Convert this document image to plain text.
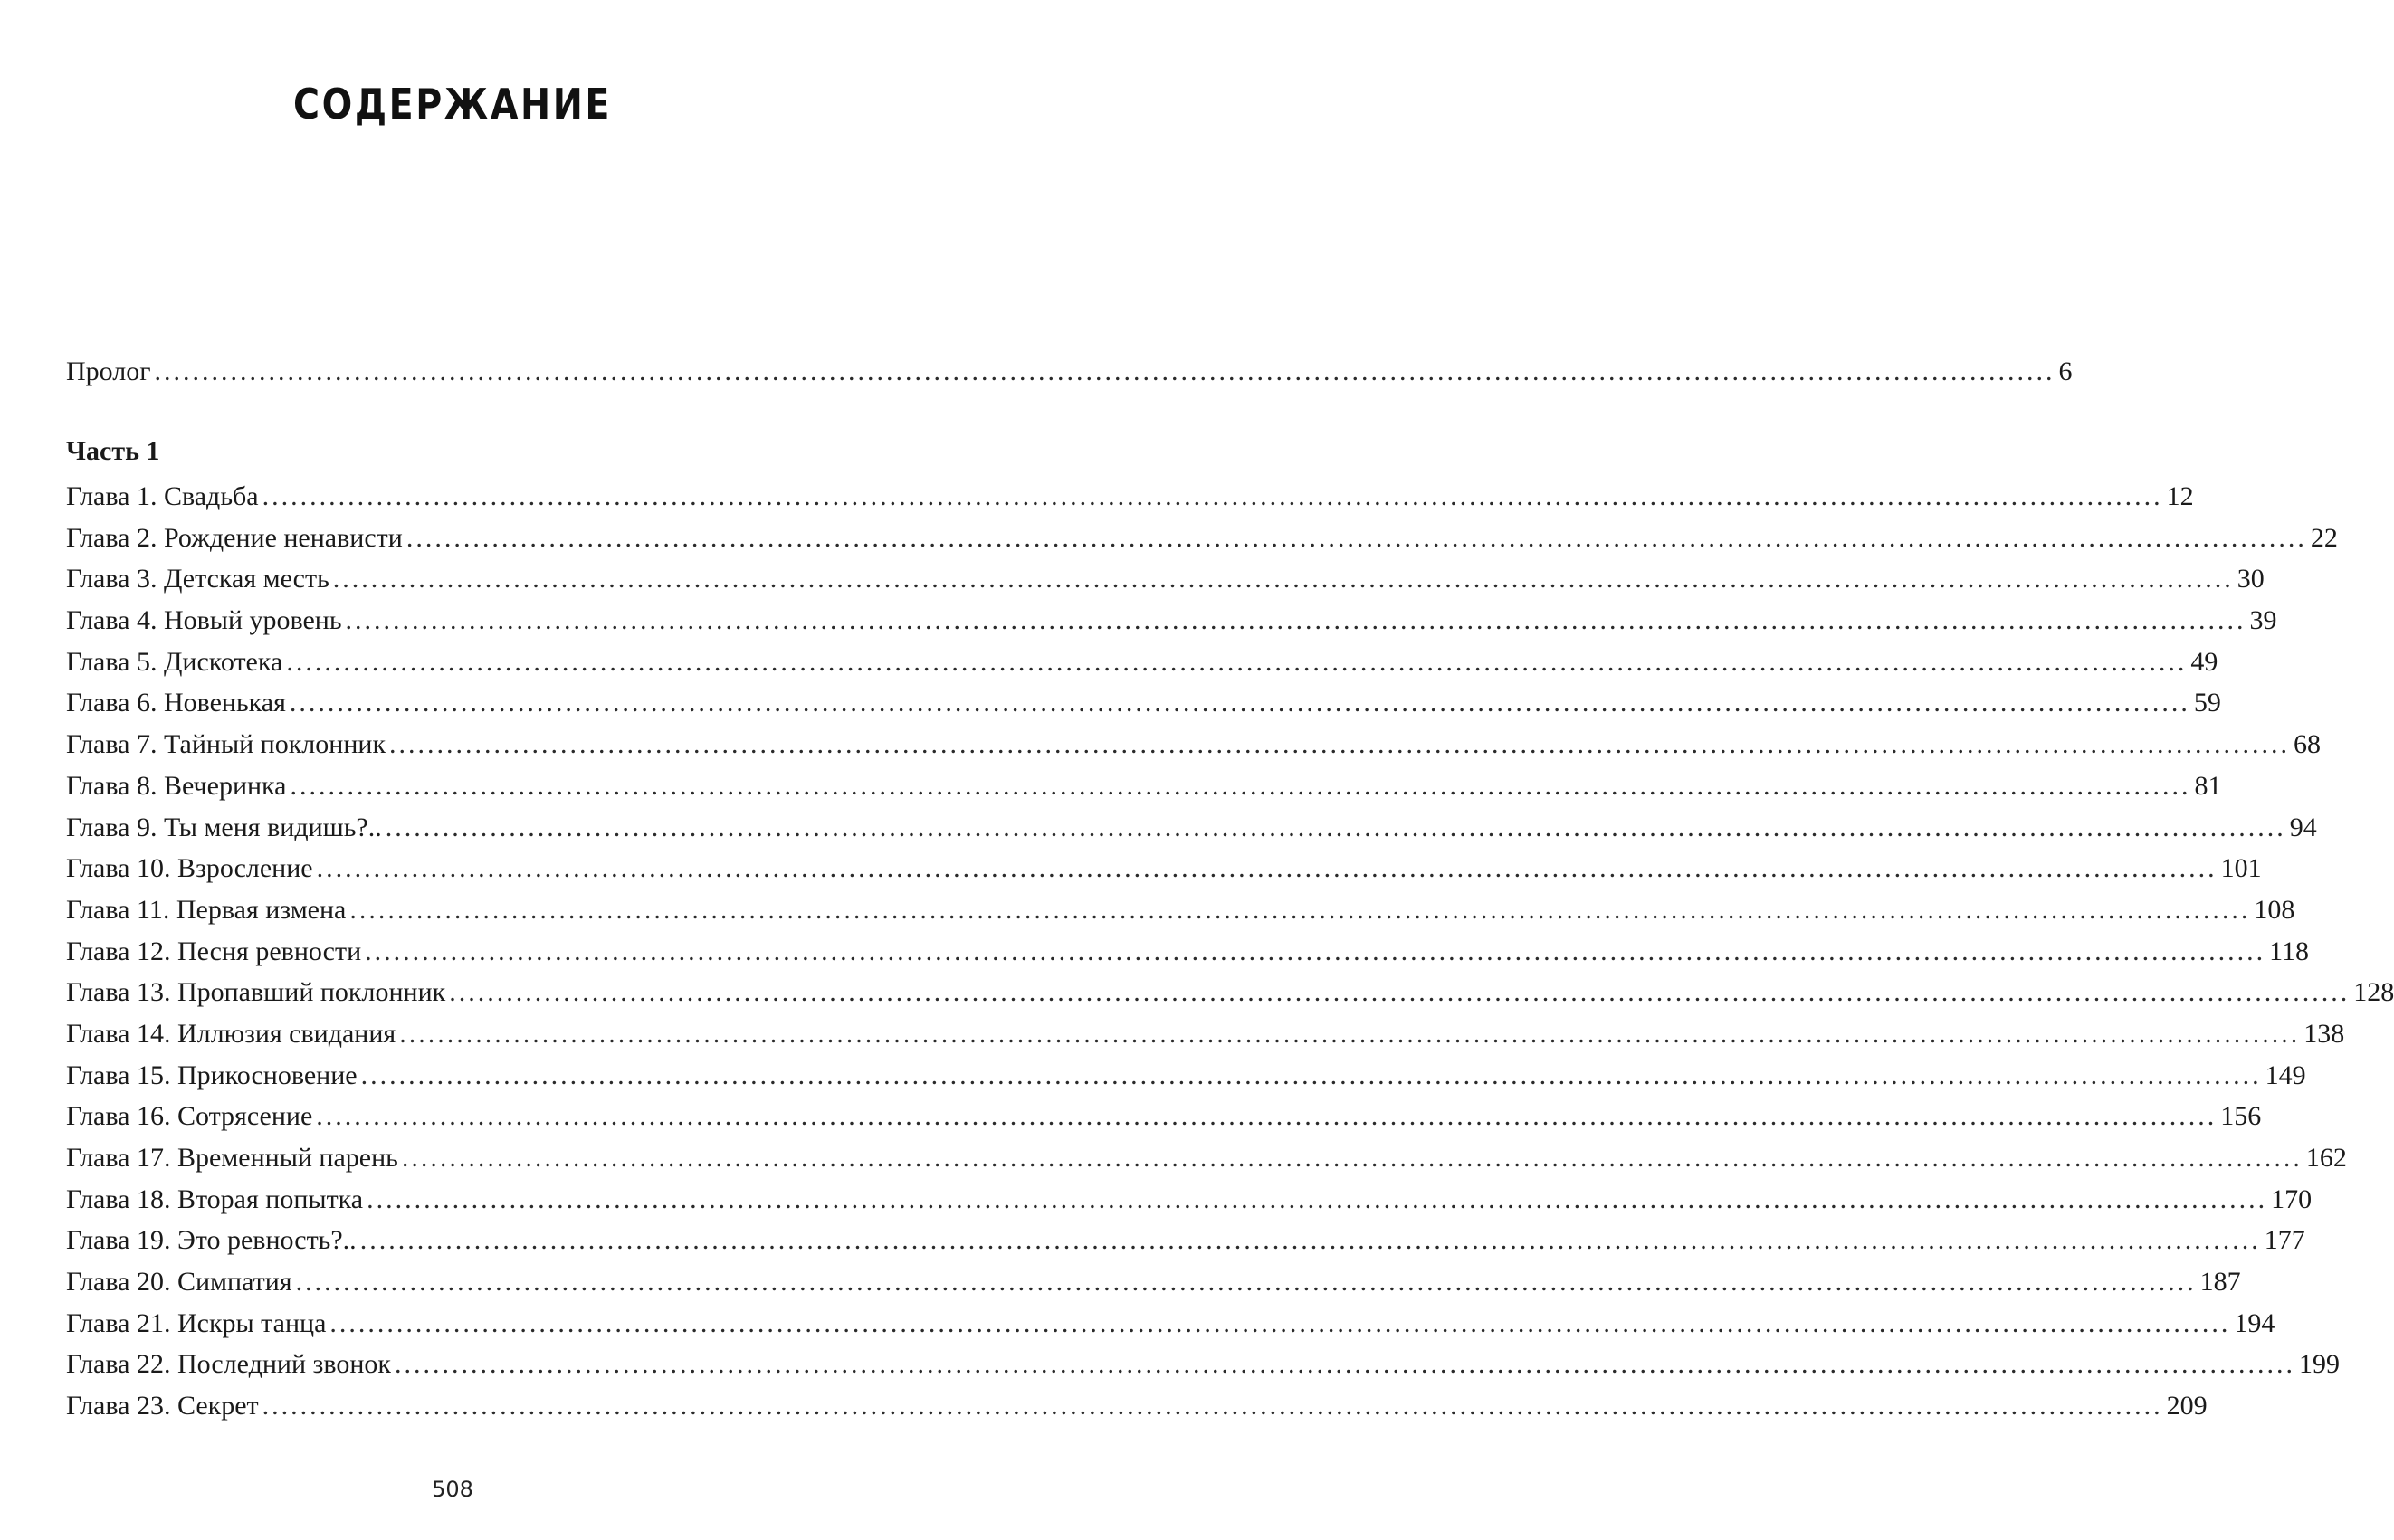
СОДЕРЖАНИЕ
Пролог ........................................................................................................................................................................................................ 6
Часть 1
Глава 1. Свадьба ........................................................................................................................................................................................................ 12
Глава 2. Рождение ненависти ........................................................................................................................................................................................................ 22
Глава 3. Детская месть ........................................................................................................................................................................................................ 30
Глава 4. Новый уровень ........................................................................................................................................................................................................ 39
Глава 5. Дискотека ........................................................................................................................................................................................................ 49
Глава 6. Новенькая ........................................................................................................................................................................................................ 59
Глава 7. Тайный поклонник ........................................................................................................................................................................................................ 68
Глава 8. Вечеринка ........................................................................................................................................................................................................ 81
Глава 9. Ты меня видишь?.. ........................................................................................................................................................................................................ 94
Глава 10. Взросление ........................................................................................................................................................................................................ 101
Глава 11. Первая измена ........................................................................................................................................................................................................ 108
Глава 12. Песня ревности ........................................................................................................................................................................................................ 118
Глава 13. Пропавший поклонник ........................................................................................................................................................................................................ 128
Глава 14. Иллюзия свидания ........................................................................................................................................................................................................ 138
Глава 15. Прикосновение ........................................................................................................................................................................................................ 149
Глава 16. Сотрясение ........................................................................................................................................................................................................ 156
Глава 17. Временный парень ........................................................................................................................................................................................................ 162
Глава 18. Вторая попытка ........................................................................................................................................................................................................ 170
Глава 19. Это ревность?.. ........................................................................................................................................................................................................ 177
Глава 20. Симпатия ........................................................................................................................................................................................................ 187
Глава 21. Искры танца ........................................................................................................................................................................................................ 194
Глава 22. Последний звонок ........................................................................................................................................................................................................ 199
Глава 23. Секрет ........................................................................................................................................................................................................ 209
508
